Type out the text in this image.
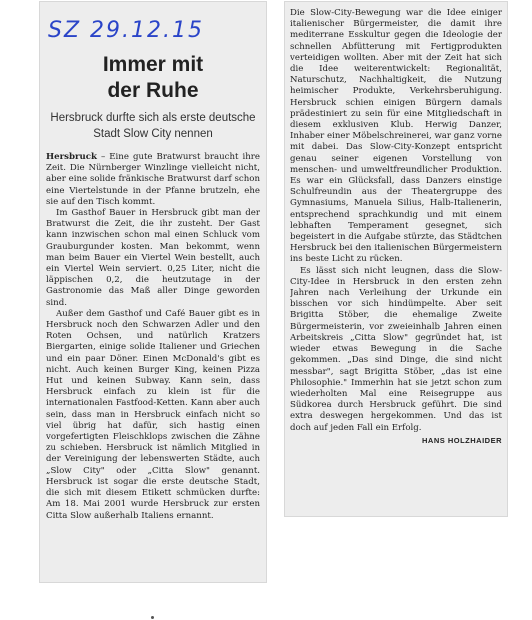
SZ 29.12.15
Immer mit
der Ruhe
Hersbruck durfte sich als erste deutsche Stadt Slow City nennen

Hersbruck – Eine gute Bratwurst braucht ihre Zeit. Die Nürnberger Winzlinge vielleicht nicht, aber eine solide fränkische Bratwurst darf schon eine Viertelstunde in der Pfanne brutzeln, ehe sie auf den Tisch kommt.

Im Gasthof Bauer in Hersbruck gibt man der Bratwurst die Zeit, die ihr zusteht. Der Gast kann inzwischen schon mal einen Schluck vom Grauburgunder kosten. Man bekommt, wenn man beim Bauer ein Viertel Wein bestellt, auch ein Viertel Wein serviert. 0,25 Liter, nicht die läppischen 0,2, die heutzutage in der Gastronomie das Maß aller Dinge geworden sind.

Außer dem Gasthof und Café Bauer gibt es in Hersbruck noch den Schwarzen Adler und den Roten Ochsen, und natürlich Kratzers Biergarten, einige solide Italiener und Griechen und ein paar Döner. Einen McDonald's gibt es nicht. Auch keinen Burger King, keinen Pizza Hut und keinen Subway. Kann sein, dass Hersbruck einfach zu klein ist für die internationalen Fastfood-Ketten. Kann aber auch sein, dass man in Hersbruck einfach nicht so viel übrig hat dafür, sich hastig einen vorgefertigten Fleischklops zwischen die Zähne zu schieben. Hersbruck ist nämlich Mitglied in der Vereinigung der lebenswerten Städte, auch „Slow City" oder „Citta Slow" genannt. Hersbruck ist sogar die erste deutsche Stadt, die sich mit diesem Etikett schmücken durfte: Am 18. Mai 2001 wurde Hersbruck zur ersten Citta Slow außerhalb Italiens ernannt.

Die Slow-City-Bewegung war die Idee einiger italienischer Bürgermeister, die damit ihre mediterrane Esskultur gegen die Ideologie der schnellen Abfütterung mit Fertigprodukten verteidigen wollten. Aber mit der Zeit hat sich die Idee weiterentwickelt: Regionalität, Naturschutz, Nachhaltigkeit, die Nutzung heimischer Produkte, Verkehrsberuhigung. Hersbruck schien einigen Bürgern damals prädestiniert zu sein für eine Mitgliedschaft in diesem exklusiven Klub. Herwig Danzer, Inhaber einer Möbelschreinerei, war ganz vorne mit dabei. Das Slow-City-Konzept entspricht genau seiner eigenen Vorstellung von menschen- und umweltfreundlicher Produktion. Es war ein Glücksfall, dass Danzers einstige Schulfreundin aus der Theatergruppe des Gymnasiums, Manuela Silius, Halb-Italienerin, entsprechend sprachkundig und mit einem lebhaften Temperament gesegnet, sich begeistert in die Aufgabe stürzte, das Städtchen Hersbruck bei den italienischen Bürgermeistern ins beste Licht zu rücken.

Es lässt sich nicht leugnen, dass die Slow-City-Idee in Hersbruck in den ersten zehn Jahren nach Verleihung der Urkunde ein bisschen vor sich hindümpelte. Aber seit Brigitta Stöber, die ehemalige Zweite Bürgermeisterin, vor zweieinhalb Jahren einen Arbeitskreis „Citta Slow" gegründet hat, ist wieder etwas Bewegung in die Sache gekommen. „Das sind Dinge, die sind nicht messbar", sagt Brigitta Stöber, „das ist eine Philosophie." Immerhin hat sie jetzt schon zum wiederholten Mal eine Reisegruppe aus Südkorea durch Hersbruck geführt. Die sind extra deswegen hergekommen. Und das ist doch auf jeden Fall ein Erfolg.

HANS HOLZHAIDER
